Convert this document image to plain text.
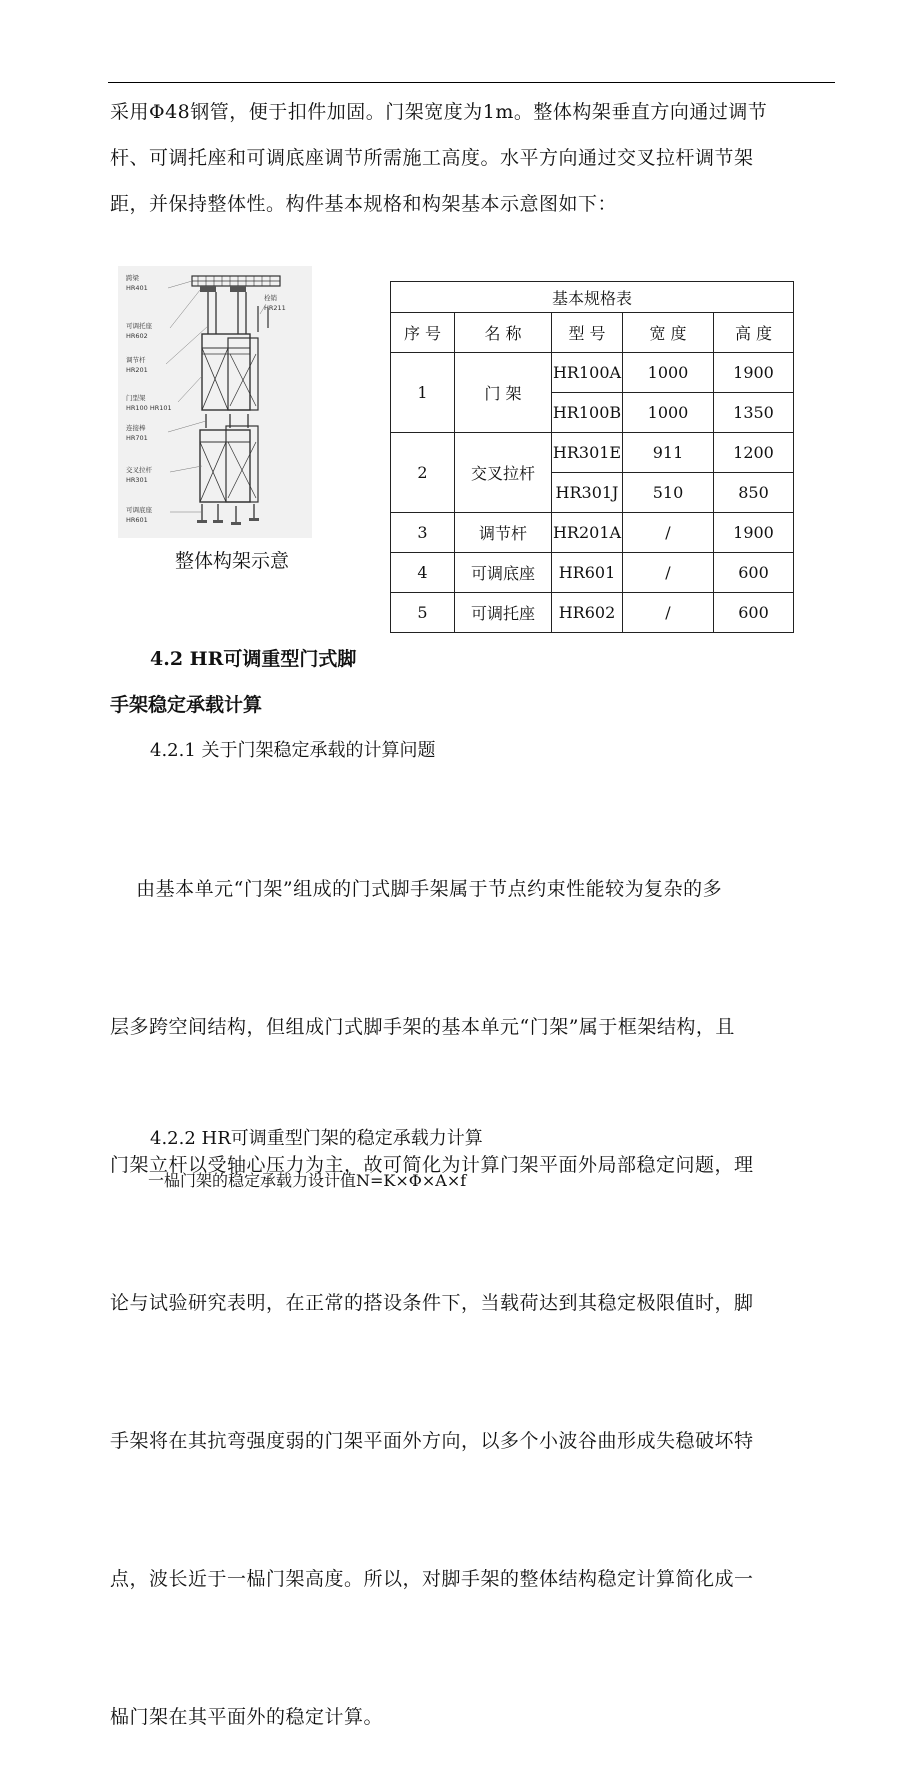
采用Φ48钢管，便于扣件加固。门架宽度为1m。整体构架垂直方向通过调节
杆、可调托座和可调底座调节所需施工高度。水平方向通过交叉拉杆调节架
距，并保持整体性。构件基本规格和构架基本示意图如下：
跨梁
HR401
可调托座
HR602
调节杆
HR201
门型架
HR100 HR101
连接棒
HR701
交叉拉杆
HR301
可调底座
HR601
栓销
HR211
整体构架示意
基本规格表				
序 号	名 称	型 号	宽 度	高 度
1	门 架	HR100A	1000	1900
		HR100B	1000	1350
2	交叉拉杆	HR301E	911	1200
		HR301J	510	850
3	调节杆	HR201A	/	1900
4	可调底座	HR601	/	600
5	可调托座	HR602	/	600
4.2 HR可调重型门式脚
手架稳定承载计算
4.2.1 关于门架稳定承载的计算问题

由基本单元“门架”组成的门式脚手架属于节点约束性能较为复杂的多

层多跨空间结构，但组成门式脚手架的基本单元“门架”属于框架结构，且

门架立杆以受轴心压力为主，故可简化为计算门架平面外局部稳定问题，理

论与试验研究表明，在正常的搭设条件下，当载荷达到其稳定极限值时，脚

手架将在其抗弯强度弱的门架平面外方向，以多个小波谷曲形成失稳破坏特

点，波长近于一榀门架高度。所以，对脚手架的整体结构稳定计算简化成一

榀门架在其平面外的稳定计算。

4.2.2 HR可调重型门架的稳定承载力计算
一榀门架的稳定承载力设计值N=K×Φ×A×f
